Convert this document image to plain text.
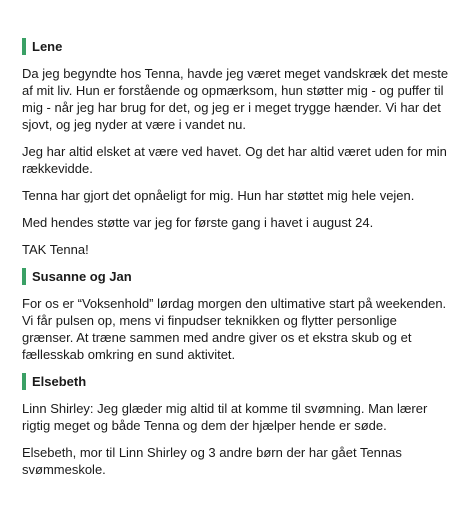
Lene

Da jeg begyndte hos Tenna, havde jeg været meget vandskræk det meste af mit liv. Hun er forstående og opmærksom, hun støtter mig - og puffer til mig - når jeg har brug for det, og jeg er i meget trygge hænder. Vi har det sjovt, og jeg nyder at være i vandet nu.

Jeg har altid elsket at være ved havet. Og det har altid været uden for min rækkevidde.

Tenna har gjort det opnåeligt for mig. Hun har støttet mig hele vejen.

Med hendes støtte var jeg for første gang i havet i august 24.

TAK Tenna!

Susanne og Jan

For os er “Voksenhold” lørdag morgen den ultimative start på weekenden. Vi får pulsen op, mens vi finpudser teknikken og flytter personlige grænser. At træne sammen med andre giver os et ekstra skub og et fællesskab omkring en sund aktivitet.

Elsebeth

Linn Shirley: Jeg glæder mig altid til at komme til svømning. Man lærer rigtig meget og både Tenna og dem der hjælper hende er søde.

Elsebeth, mor til Linn Shirley og 3 andre børn der har gået Tennas svømmeskole.
